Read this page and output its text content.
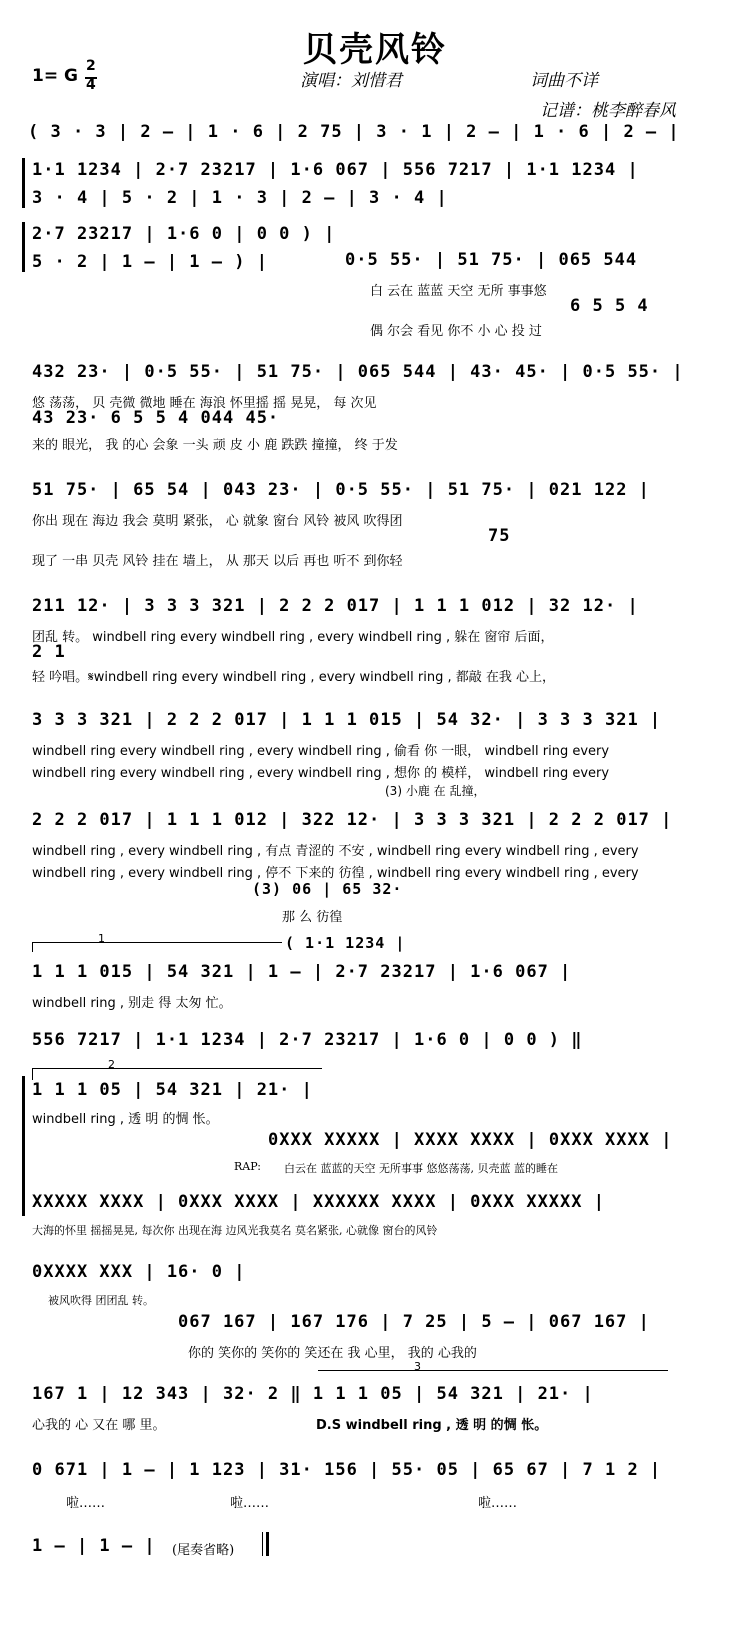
贝壳风铃
1= G 2
4	演唱：刘惜君	词曲不详
记谱：桃李醉春风
( 3 · 3 | 2 – | 1 · 6 | 2 75 | 3 · 1 | 2 – | 1 · 6 | 2 – |
1·1 1234 | 2·7 23217 | 1·6 067 | 556 7217 | 1·1 1234 |
3 · 4 | 5 · 2 | 1 · 3 | 2 – | 3 · 4 |
2·7 23217 | 1·6 0 | 0 0 ) |
5 · 2 | 1 – | 1 – ) |	0·5 55· | 51 75· | 065 544
白 云在 蓝蓝 天空 无所 事事悠
6 5 5 4
偶 尔会 看见 你不 小 心 投 过
432 23· | 0·5 55· | 51 75· | 065 544 | 43· 45· | 0·5 55· |
悠 荡荡， 贝 壳微 微地 睡在 海浪 怀里摇 摇 晃晃， 每 次见
43 23· 6 5 5 4 044 45·
来的 眼光， 我 的心 会象 一头 顽 皮 小 鹿 跌跌 撞撞， 终 于发
51 75· | 65 54 | 043 23· | 0·5 55· | 51 75· | 021 122 |
你出 现在 海边 我会 莫明 紧张， 心 就象 窗台 风铃 被风 吹得团
75
现了 一串 贝壳 风铃 挂在 墙上， 从 那天 以后 再也 听不 到你轻
211 12· | 3 3 3 321 | 2 2 2 017 | 1 1 1 012 | 32 12· |
团乱 转。 windbell ring every windbell ring , every windbell ring , 躲在 窗帘 后面，
2 1
轻 吟唱。𝄋windbell ring every windbell ring , every windbell ring , 都敲 在我 心上，
3 3 3 321 | 2 2 2 017 | 1 1 1 015 | 54 32· | 3 3 3 321 |
windbell ring every windbell ring , every windbell ring , 偷看 你 一眼， windbell ring every
windbell ring every windbell ring , every windbell ring , 想你 的 模样， windbell ring every
(3) 小鹿 在 乱撞，
2 2 2 017 | 1 1 1 012 | 322 12· | 3 3 3 321 | 2 2 2 017 |
windbell ring , every windbell ring , 有点 青涩的 不安 , windbell ring every windbell ring , every
windbell ring , every windbell ring , 停不 下来的 彷徨 , windbell ring every windbell ring , every
(3) 06 | 65 32·
那 么 彷徨
1	( 1·1 1234 |
1 1 1 015 | 54 321 | 1 – | 2·7 23217 | 1·6 067 |
windbell ring , 别走 得 太匆 忙。
556 7217 | 1·1 1234 | 2·7 23217 | 1·6 0 | 0 0 ) ‖
2
1 1 1 05 | 54 321 | 21· |
windbell ring , 透 明 的惆 怅。
0XXX XXXXX | XXXX XXXX | 0XXX XXXX |
RAP: 白云在 蓝蓝的天空 无所事事 悠悠荡荡, 贝壳蓝 蓝的睡在
XXXXX XXXX | 0XXX XXXX | XXXXXX XXXX | 0XXX XXXXX |
大海的怀里 摇摇晃晃, 每次你 出现在海 边风光我莫名 莫名紧张, 心就像 窗台的风铃
0XXXX XXX | 16· 0 |
被风吹得 团团乱 转。
067 167 | 167 176 | 7 25 | 5 – | 067 167 |
你的 笑你的 笑你的 笑还在 我 心里， 我的 心我的
3
167 1 | 12 343 | 32· 2 ‖ 1 1 1 05 | 54 321 | 21· |
心我的 心 又在 哪 里。	D.S windbell ring , 透 明 的惆 怅。
0 671 | 1 – | 1 123 | 31· 156 | 55· 05 | 65 67 | 7 1 2 |
啦……	啦……	啦……
1 – | 1 – | (尾奏省略)
